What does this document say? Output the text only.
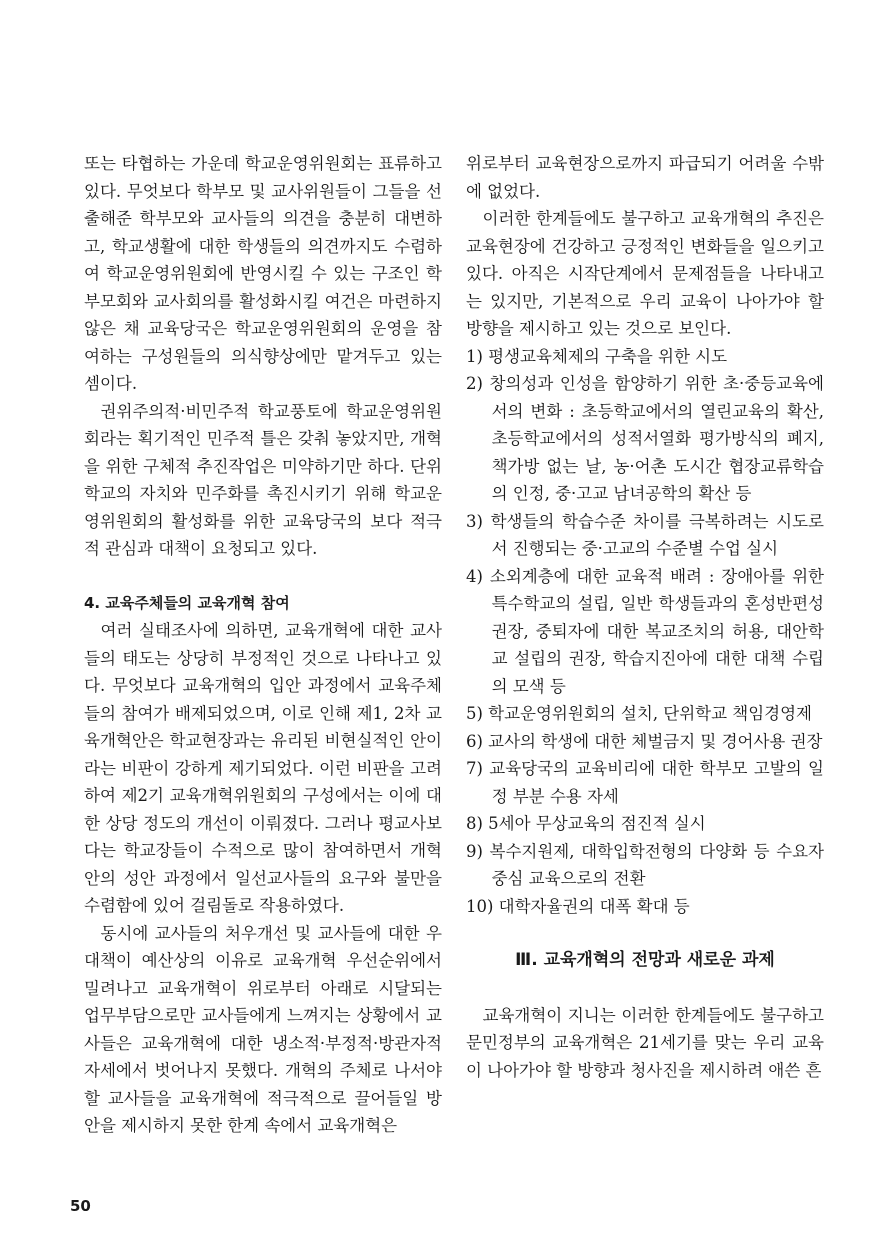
또는 타협하는 가운데 학교운영위원회는 표류하고 있다. 무엇보다 학부모 및 교사위원들이 그들을 선출해준 학부모와 교사들의 의견을 충분히 대변하고, 학교생활에 대한 학생들의 의견까지도 수렴하여 학교운영위원회에 반영시킬 수 있는 구조인 학부모회와 교사회의를 활성화시킬 여건은 마련하지 않은 채 교육당국은 학교운영위원회의 운영을 참여하는 구성원들의 의식향상에만 맡겨두고 있는 셈이다.

권위주의적·비민주적 학교풍토에 학교운영위원회라는 획기적인 민주적 틀은 갖춰 놓았지만, 개혁을 위한 구체적 추진작업은 미약하기만 하다. 단위학교의 자치와 민주화를 촉진시키기 위해 학교운영위원회의 활성화를 위한 교육당국의 보다 적극적 관심과 대책이 요청되고 있다.

4. 교육주체들의 교육개혁 참여

여러 실태조사에 의하면, 교육개혁에 대한 교사들의 태도는 상당히 부정적인 것으로 나타나고 있다. 무엇보다 교육개혁의 입안 과정에서 교육주체들의 참여가 배제되었으며, 이로 인해 제1, 2차 교육개혁안은 학교현장과는 유리된 비현실적인 안이라는 비판이 강하게 제기되었다. 이런 비판을 고려하여 제2기 교육개혁위원회의 구성에서는 이에 대한 상당 정도의 개선이 이뤄졌다. 그러나 평교사보다는 학교장들이 수적으로 많이 참여하면서 개혁안의 성안 과정에서 일선교사들의 요구와 불만을 수렴함에 있어 걸림돌로 작용하였다.

동시에 교사들의 처우개선 및 교사들에 대한 우대책이 예산상의 이유로 교육개혁 우선순위에서 밀려나고 교육개혁이 위로부터 아래로 시달되는 업무부담으로만 교사들에게 느껴지는 상황에서 교사들은 교육개혁에 대한 냉소적·부정적·방관자적 자세에서 벗어나지 못했다. 개혁의 주체로 나서야 할 교사들을 교육개혁에 적극적으로 끌어들일 방안을 제시하지 못한 한계 속에서 교육개혁은

위로부터 교육현장으로까지 파급되기 어려울 수밖에 없었다.

이러한 한계들에도 불구하고 교육개혁의 추진은 교육현장에 건강하고 긍정적인 변화들을 일으키고 있다. 아직은 시작단계에서 문제점들을 나타내고는 있지만, 기본적으로 우리 교육이 나아가야 할 방향을 제시하고 있는 것으로 보인다.

1) 평생교육체제의 구축을 위한 시도

2) 창의성과 인성을 함양하기 위한 초·중등교육에서의 변화 : 초등학교에서의 열린교육의 확산, 초등학교에서의 성적서열화 평가방식의 폐지, 책가방 없는 날, 농·어촌 도시간 협장교류학습의 인정, 중·고교 남녀공학의 확산 등

3) 학생들의 학습수준 차이를 극복하려는 시도로서 진행되는 중·고교의 수준별 수업 실시

4) 소외계층에 대한 교육적 배려 : 장애아를 위한 특수학교의 설립, 일반 학생들과의 혼성반편성 권장, 중퇴자에 대한 복교조치의 허용, 대안학교 설립의 권장, 학습지진아에 대한 대책 수립의 모색 등

5) 학교운영위원회의 설치, 단위학교 책임경영제

6) 교사의 학생에 대한 체벌금지 및 경어사용 권장

7) 교육당국의 교육비리에 대한 학부모 고발의 일정 부분 수용 자세

8) 5세아 무상교육의 점진적 실시

9) 복수지원제, 대학입학전형의 다양화 등 수요자 중심 교육으로의 전환

10) 대학자율권의 대폭 확대 등

Ⅲ. 교육개혁의 전망과 새로운 과제

교육개혁이 지니는 이러한 한계들에도 불구하고 문민정부의 교육개혁은 21세기를 맞는 우리 교육이 나아가야 할 방향과 청사진을 제시하려 애쓴 흔

50
